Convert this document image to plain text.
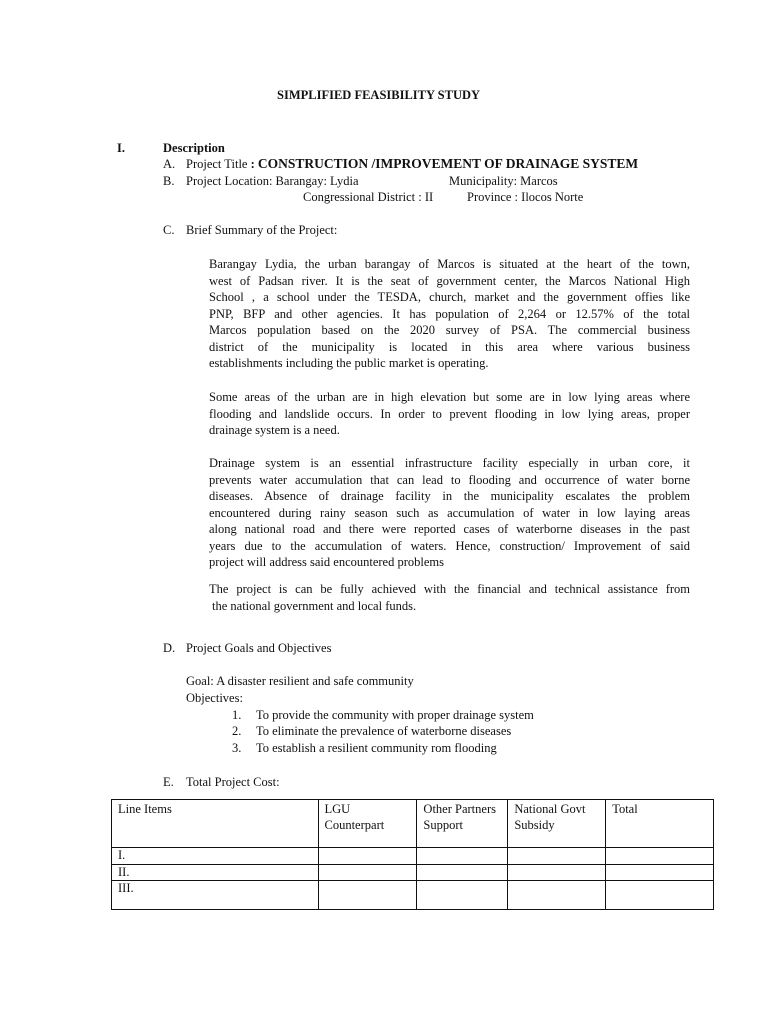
SIMPLIFIED FEASIBILITY STUDY
I.	Description
A. Project Title : CONSTRUCTION /IMPROVEMENT OF DRAINAGE SYSTEM
B. Project Location: Barangay: Lydia	Municipality: Marcos
Congressional District : II	Province : Ilocos Norte
C. Brief Summary of the Project:
Barangay Lydia, the urban barangay of Marcos is situated at the heart of the town,
west of Padsan river. It is the seat of government center, the Marcos National High
School , a school under the TESDA, church, market and the government offies like
PNP, BFP and other agencies. It has population of 2,264 or 12.57% of the total
Marcos population based on the 2020 survey of PSA. The commercial business
district of the municipality is located in this area where various business
establishments including the public market is operating.
Some areas of the urban are in high elevation but some are in low lying areas where
flooding and landslide occurs. In order to prevent flooding in low lying areas, proper
drainage system is a need.
Drainage system is an essential infrastructure facility especially in urban core, it
prevents water accumulation that can lead to flooding and occurrence of water borne
diseases. Absence of drainage facility in the municipality escalates the problem
encountered during rainy season such as accumulation of water in low laying areas
along national road and there were reported cases of waterborne diseases in the past
years due to the accumulation of waters. Hence, construction/ Improvement of said
project will address said encountered problems
The project is can be fully achieved with the financial and technical assistance from
the national government and local funds.
D. Project Goals and Objectives
Goal: A disaster resilient and safe community
Objectives:
1. To provide the community with proper drainage system
2. To eliminate the prevalence of waterborne diseases
3. To establish a resilient community rom flooding
E. Total Project Cost:
Line Items	LGU Counterpart	Other Partners Support	National Govt Subsidy	Total
I.				
II.				
III.				
